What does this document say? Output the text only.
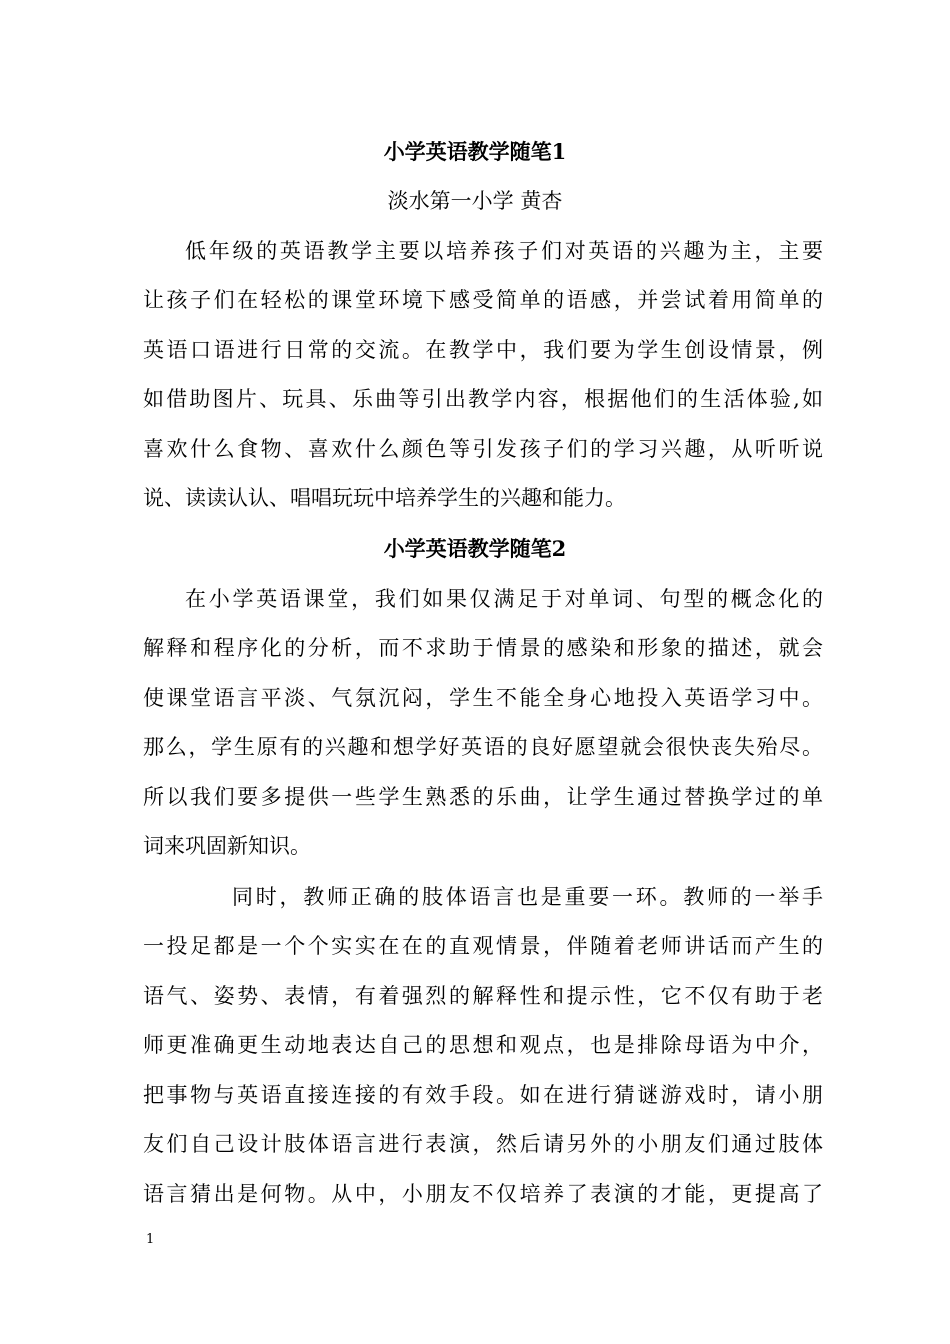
小学英语教学随笔1
淡水第一小学 黄杏
低年级的英语教学主要以培养孩子们对英语的兴趣为主，主要
让孩子们在轻松的课堂环境下感受简单的语感，并尝试着用简单的
英语口语进行日常的交流。在教学中，我们要为学生创设情景，例
如借助图片、玩具、乐曲等引出教学内容，根据他们的生活体验,如
喜欢什么食物、喜欢什么颜色等引发孩子们的学习兴趣，从听听说
说、读读认认、唱唱玩玩中培养学生的兴趣和能力。
小学英语教学随笔2
在小学英语课堂，我们如果仅满足于对单词、句型的概念化的
解释和程序化的分析，而不求助于情景的感染和形象的描述，就会
使课堂语言平淡、气氛沉闷，学生不能全身心地投入英语学习中。
那么，学生原有的兴趣和想学好英语的良好愿望就会很快丧失殆尽。
所以我们要多提供一些学生熟悉的乐曲，让学生通过替换学过的单
词来巩固新知识。
同时，教师正确的肢体语言也是重要一环。教师的一举手
一投足都是一个个实实在在的直观情景，伴随着老师讲话而产生的
语气、姿势、表情，有着强烈的解释性和提示性，它不仅有助于老
师更准确更生动地表达自己的思想和观点，也是排除母语为中介，
把事物与英语直接连接的有效手段。如在进行猜谜游戏时，请小朋
友们自己设计肢体语言进行表演，然后请另外的小朋友们通过肢体
语言猜出是何物。从中，小朋友不仅培养了表演的才能，更提高了
1
